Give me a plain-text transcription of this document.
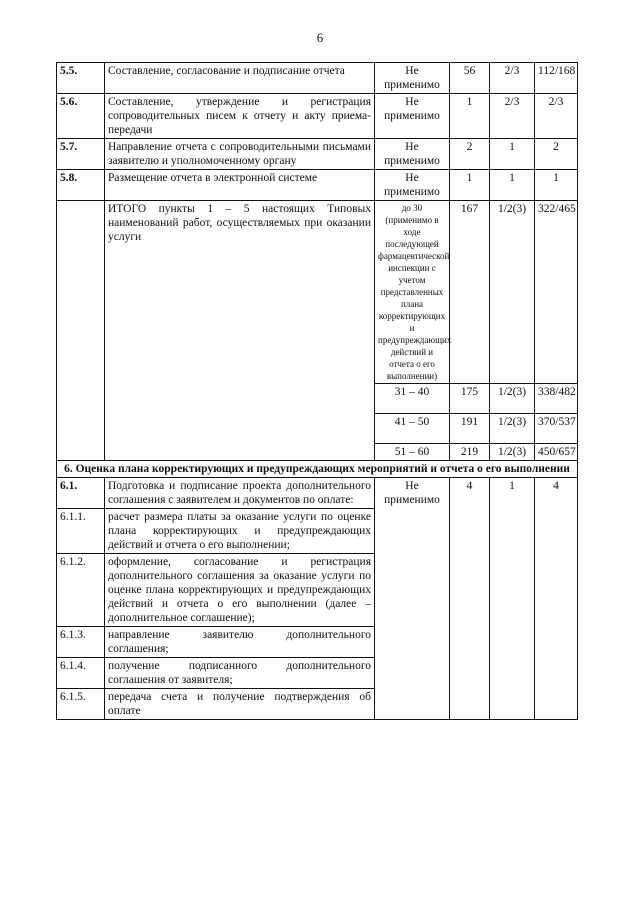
6
5.5.	Составление, согласование и подписание отчета	Не применимо	56	2/3	112/168
5.6.	Составление, утверждение и регистрация сопроводительных писем к отчету и акту приема-передачи	Не применимо	1	2/3	2/3
5.7.	Направление отчета с сопроводительными письмами заявителю и уполномоченному органу	Не применимо	2	1	2
5.8.	Размещение отчета в электронной системе	Не применимо	1	1	1
	ИТОГО пункты 1 – 5 настоящих Типовых наименований работ, осуществляемых при оказании услуги	до 30 (применимо в ходе последующей фармацевтической инспекции с учетом представленных плана корректирующих и предупреждающих действий и отчета о его выполнении)	167	1/2(3)	322/465
		31 – 40	175	1/2(3)	338/482
		41 – 50	191	1/2(3)	370/537
		51 – 60	219	1/2(3)	450/657
6. Оценка плана корректирующих и предупреждающих мероприятий и отчета о его выполнении					
6.1.	Подготовка и подписание проекта дополнительного соглашения с заявителем и документов по оплате:	Не применимо	4	1	4
6.1.1.	расчет размера платы за оказание услуги по оценке плана корректирующих и предупреждающих действий и отчета о его выполнении;				
6.1.2.	оформление, согласование и регистрация дополнительного соглашения за оказание услуги по оценке плана корректирующих и предупреждающих действий и отчета о его выполнении (далее – дополнительное соглашение);				
6.1.3.	направление заявителю дополнительного соглашения;				
6.1.4.	получение подписанного дополнительного соглашения от заявителя;				
6.1.5.	передача счета и получение подтверждения об оплате				
